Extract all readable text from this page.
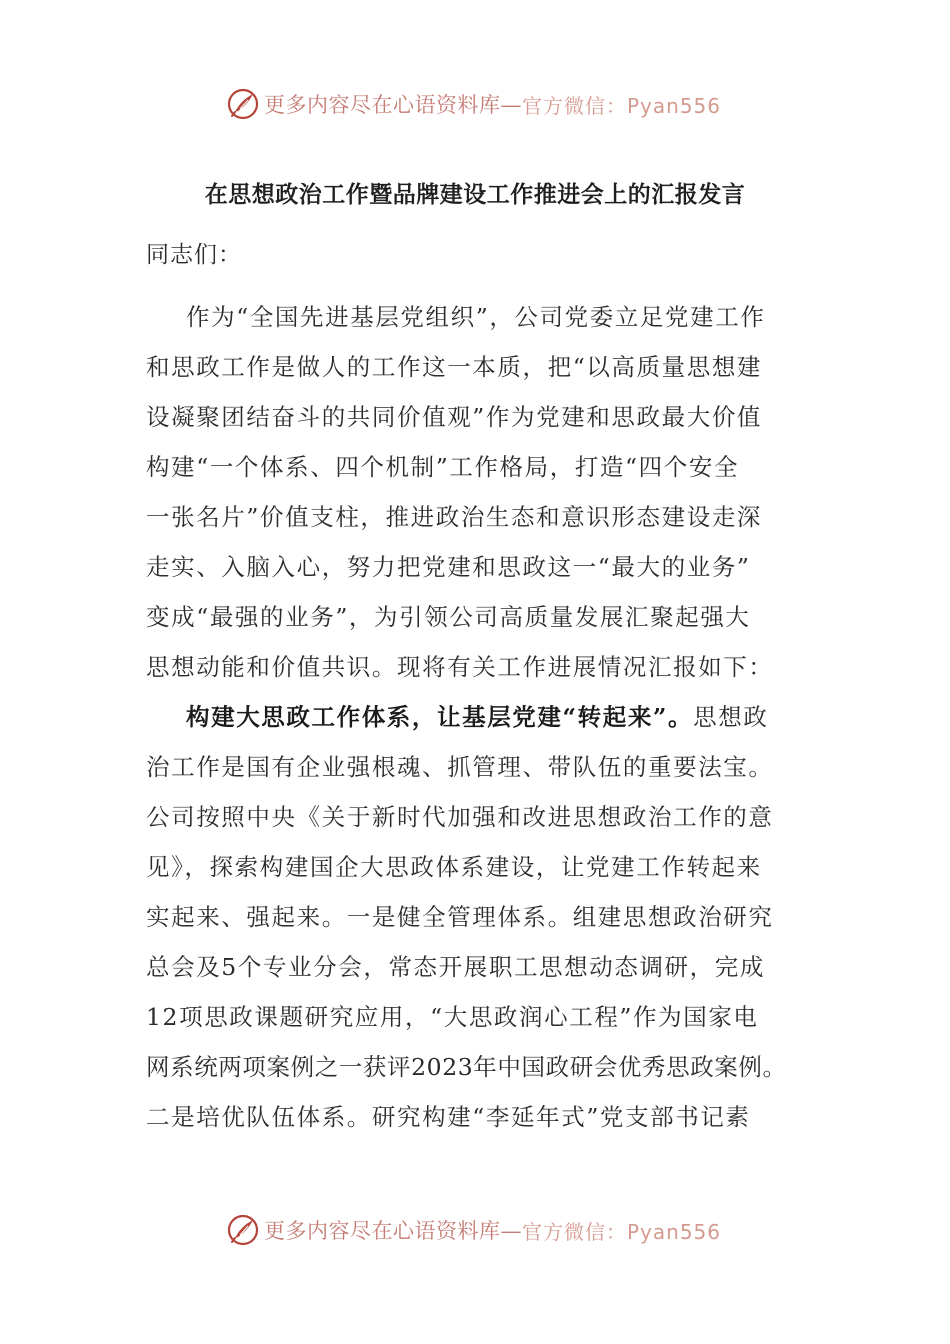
更多内容尽在心语资料库— 官方微信：Pyan556
在思想政治工作暨品牌建设工作推进会上的汇报发言

同志们：

作为“全国先进基层党组织”，公司党委立足党建工作
和思政工作是做人的工作这一本质，把“以高质量思想建
设凝聚团结奋斗的共同价值观”作为党建和思政最大价值
构建“一个体系、四个机制”工作格局，打造“四个安全
一张名片”价值支柱，推进政治生态和意识形态建设走深
走实、入脑入心，努力把党建和思政这一“最大的业务”
变成“最强的业务”，为引领公司高质量发展汇聚起强大
思想动能和价值共识。现将有关工作进展情况汇报如下：
构建大思政工作体系，让基层党建“转起来”。思想政
治工作是国有企业强根魂、抓管理、带队伍的重要法宝。
公司按照中央《关于新时代加强和改进思想政治工作的意
见》，探索构建国企大思政体系建设，让党建工作转起来
实起来、强起来。一是健全管理体系。组建思想政治研究
总会及5个专业分会，常态开展职工思想动态调研，完成
12项思政课题研究应用，“大思政润心工程”作为国家电
网系统两项案例之一获评2023年中国政研会优秀思政案例。
二是培优队伍体系。研究构建“李延年式”党支部书记素
更多内容尽在心语资料库— 官方微信：Pyan556
